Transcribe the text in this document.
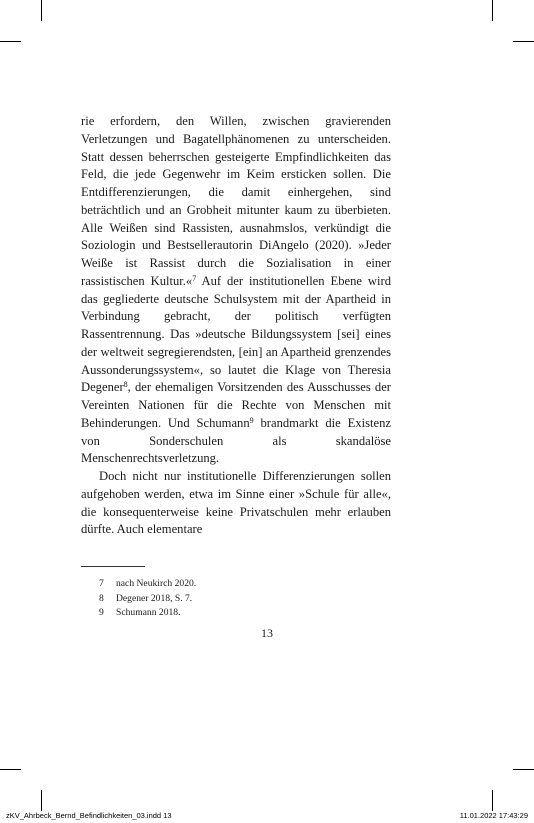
rie erfordern, den Willen, zwischen gravierenden Verletzungen und Bagatellphänomenen zu unterscheiden. Statt dessen beherrschen gesteigerte Empfindlichkeiten das Feld, die jede Gegenwehr im Keim ersticken sollen. Die Entdifferenzierungen, die damit einhergehen, sind beträchtlich und an Grobheit mitunter kaum zu überbieten. Alle Weißen sind Rassisten, ausnahmslos, verkündigt die Soziologin und Bestsellerautorin DiAngelo (2020). »Jeder Weiße ist Rassist durch die Sozialisation in einer rassistischen Kultur.«$^7$ Auf der institutionellen Ebene wird das gegliederte deutsche Schulsystem mit der Apartheid in Verbindung gebracht, der politisch verfügten Rassentrennung. Das »deutsche Bildungssystem [sei] eines der weltweit segregierendsten, [ein] an Apartheid grenzendes Aussonderungssystem«, so lautet die Klage von Theresia Degener$^8$, der ehemaligen Vorsitzenden des Ausschusses der Vereinten Nationen für die Rechte von Menschen mit Behinderungen. Und Schumann$^9$ brandmarkt die Existenz von Sonderschulen als skandalöse Menschenrechtsverletzung.

Doch nicht nur institutionelle Differenzierungen sollen aufgehoben werden, etwa im Sinne einer »Schule für alle«, die konsequenterweise keine Privatschulen mehr erlauben dürfte. Auch elementare

7 nach Neukirch 2020.
8 Degener 2018, S. 7.
9 Schumann 2018.
13
zKV_Ahrbeck_Bernd_Befindlichkeiten_03.indd 13	11.01.2022 17:43:29
